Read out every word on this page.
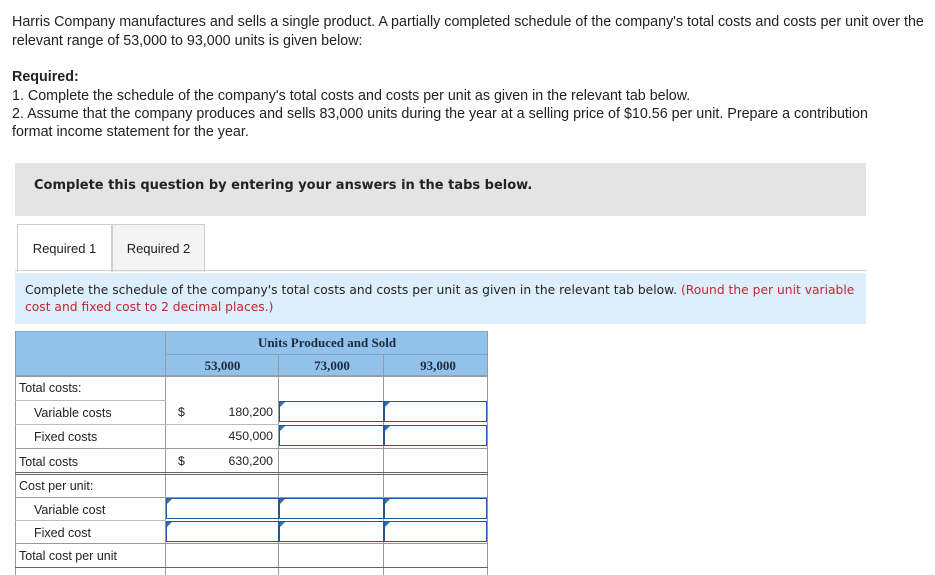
Harris Company manufactures and sells a single product. A partially completed schedule of the company's total costs and costs per unit over the relevant range of 53,000 to 93,000 units is given below:
Required:
1. Complete the schedule of the company's total costs and costs per unit as given in the relevant tab below.
2. Assume that the company produces and sells 83,000 units during the year at a selling price of $10.56 per unit. Prepare a contribution format income statement for the year.
Complete this question by entering your answers in the tabs below.
Required 1	Required 2

Complete the schedule of the company's total costs and costs per unit as given in the relevant tab below. (Round the per unit variable cost and fixed cost to 2 decimal places.)

Units Produced and Sold
53,000	73,000	93,000
Total costs:
Variable costs	$	180,200
Fixed costs	450,000
Total costs	$	630,200
Cost per unit:
Variable cost
Fixed cost
Total cost per unit
